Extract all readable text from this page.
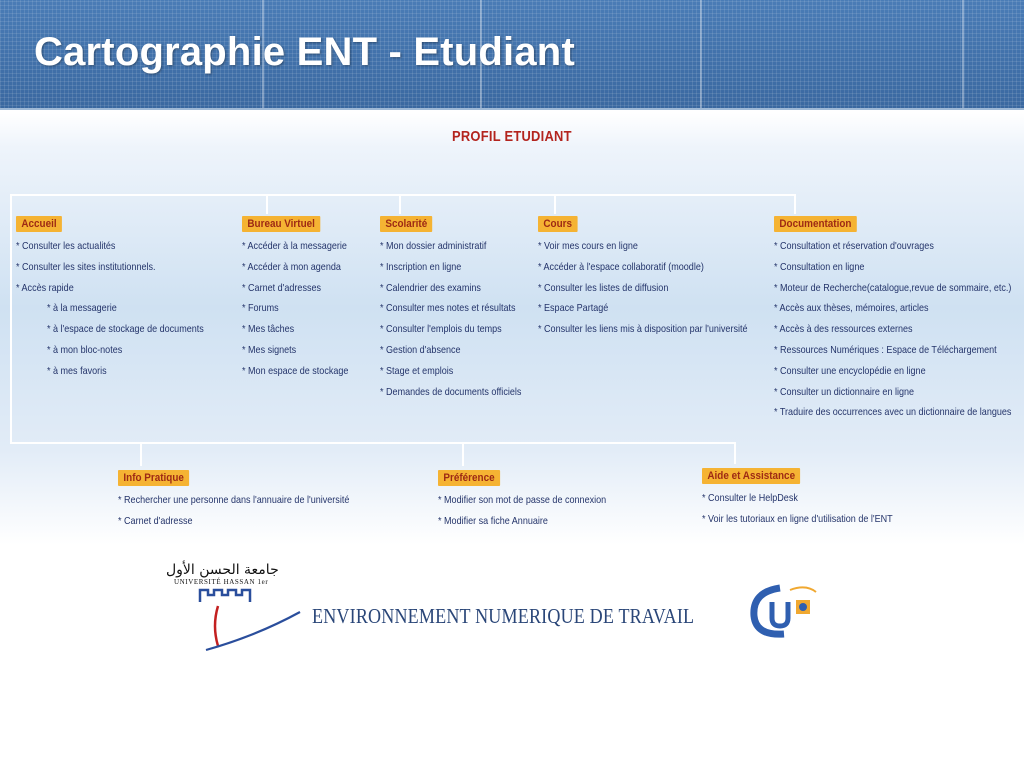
Cartographie ENT - Etudiant
PROFIL ETUDIANT
Accueil
* Consulter les actualités
* Consulter les sites institutionnels.
* Accès rapide
* à la messagerie
* à l'espace de stockage de documents
* à mon bloc-notes
* à mes favoris
Bureau Virtuel
* Accéder à la messagerie
* Accéder à mon agenda
* Carnet d'adresses
* Forums
* Mes tâches
* Mes signets
* Mon espace de stockage
Scolarité
* Mon dossier administratif
* Inscription en ligne
* Calendrier des examins
* Consulter mes notes et résultats
* Consulter l'emplois du temps
* Gestion d'absence
* Stage et emplois
* Demandes de documents officiels
Cours
* Voir mes cours en ligne
* Accéder à l'espace collaboratif (moodle)
* Consulter les listes de diffusion
* Espace Partagé
* Consulter les liens mis à disposition par l'université
Documentation
* Consultation et réservation d'ouvrages
* Consultation en ligne
* Moteur de Recherche(catalogue,revue de sommaire, etc.)
* Accès aux thèses, mémoires, articles
* Accès à des ressources externes
* Ressources Numériques : Espace de Téléchargement
* Consulter une encyclopédie en ligne
* Consulter un dictionnaire en ligne
* Traduire des occurrences avec un dictionnaire de langues
Info Pratique
* Rechercher une personne dans l'annuaire de l'université
* Carnet d'adresse
Préférence
* Modifier son mot de passe de connexion
* Modifier sa fiche Annuaire
Aide et Assistance
* Consulter le HelpDesk
* Voir les tutoriaux en ligne d'utilisation de l'ENT
جامعة الحسن الأول
UNIVERSITÉ HASSAN 1er
ENVIRONNEMENT NUMERIQUE DE TRAVAIL
